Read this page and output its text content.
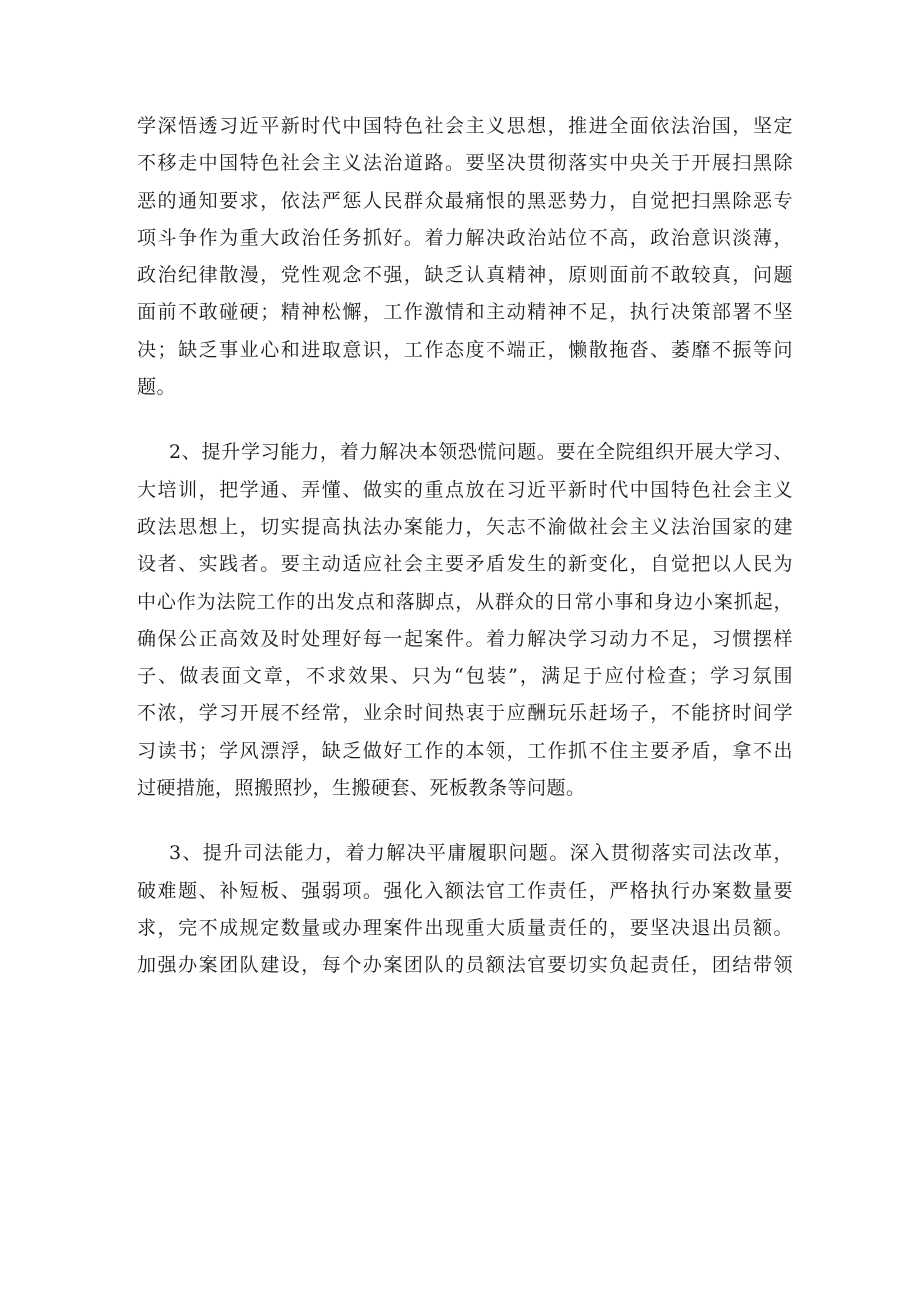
学深悟透习近平新时代中国特色社会主义思想，推进全面依法治国，坚定
不移走中国特色社会主义法治道路。要坚决贯彻落实中央关于开展扫黑除
恶的通知要求，依法严惩人民群众最痛恨的黑恶势力，自觉把扫黑除恶专
项斗争作为重大政治任务抓好。着力解决政治站位不高，政治意识淡薄，
政治纪律散漫，党性观念不强，缺乏认真精神，原则面前不敢较真，问题
面前不敢碰硬；精神松懈，工作激情和主动精神不足，执行决策部署不坚
决；缺乏事业心和进取意识，工作态度不端正，懒散拖沓、萎靡不振等问
题。
2、提升学习能力，着力解决本领恐慌问题。要在全院组织开展大学习、
大培训，把学通、弄懂、做实的重点放在习近平新时代中国特色社会主义
政法思想上，切实提高执法办案能力，矢志不渝做社会主义法治国家的建
设者、实践者。要主动适应社会主要矛盾发生的新变化，自觉把以人民为
中心作为法院工作的出发点和落脚点，从群众的日常小事和身边小案抓起，
确保公正高效及时处理好每一起案件。着力解决学习动力不足，习惯摆样
子、做表面文章，不求效果、只为“包装”，满足于应付检查；学习氛围
不浓，学习开展不经常，业余时间热衷于应酬玩乐赶场子，不能挤时间学
习读书；学风漂浮，缺乏做好工作的本领，工作抓不住主要矛盾，拿不出
过硬措施，照搬照抄，生搬硬套、死板教条等问题。
3、提升司法能力，着力解决平庸履职问题。深入贯彻落实司法改革，
破难题、补短板、强弱项。强化入额法官工作责任，严格执行办案数量要
求，完不成规定数量或办理案件出现重大质量责任的，要坚决退出员额。
加强办案团队建设，每个办案团队的员额法官要切实负起责任，团结带领
